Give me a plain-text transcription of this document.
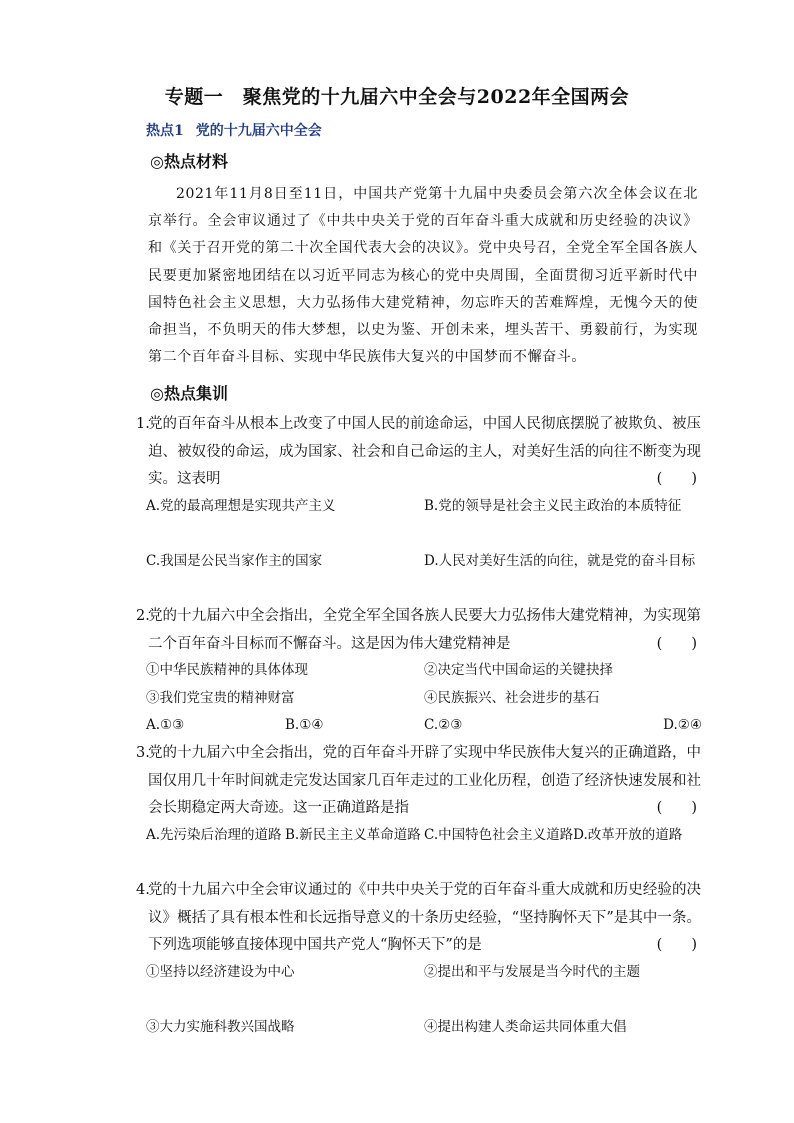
专题一　聚焦党的十九届六中全会与2022年全国两会
热点1 党的十九届六中全会
◎热点材料
2021年11月8日至11日，中国共产党第十九届中央委员会第六次全体会议在北京举行。全会审议通过了《中共中央关于党的百年奋斗重大成就和历史经验的决议》和《关于召开党的第二十次全国代表大会的决议》。党中央号召，全党全军全国各族人民要更加紧密地团结在以习近平同志为核心的党中央周围，全面贯彻习近平新时代中国特色社会主义思想，大力弘扬伟大建党精神，勿忘昨天的苦难辉煌，无愧今天的使命担当，不负明天的伟大梦想，以史为鉴、开创未来，埋头苦干、勇毅前行，为实现第二个百年奋斗目标、实现中华民族伟大复兴的中国梦而不懈奋斗。
◎热点集训
1.
党的百年奋斗从根本上改变了中国人民的前途命运，中国人民彻底摆脱了被欺负、被压迫、被奴役的命运，成为国家、社会和自己命运的主人，对美好生活的向往不断变为现实。这表明	(　　)
A.党的最高理想是实现共产主义	B.党的领导是社会主义民主政治的本质特征
C.我国是公民当家作主的国家	D.人民对美好生活的向往，就是党的奋斗目标
2.
党的十九届六中全会指出，全党全军全国各族人民要大力弘扬伟大建党精神，为实现第二个百年奋斗目标而不懈奋斗。这是因为伟大建党精神是	(　　)
①中华民族精神的具体体现	②决定当代中国命运的关键抉择
③我们党宝贵的精神财富	④民族振兴、社会进步的基石
A.①③	B.①④	C.②③	D.②④
3.
党的十九届六中全会指出，党的百年奋斗开辟了实现中华民族伟大复兴的正确道路，中国仅用几十年时间就走完发达国家几百年走过的工业化历程，创造了经济快速发展和社会长期稳定两大奇迹。这一正确道路是指	(　　)
A.先污染后治理的道路 B.新民主主义革命道路 C.中国特色社会主义道路 D.改革开放的道路
4.
党的十九届六中全会审议通过的《中共中央关于党的百年奋斗重大成就和历史经验的决议》概括了具有根本性和长远指导意义的十条历史经验，“坚持胸怀天下”是其中一条。下列选项能够直接体现中国共产党人“胸怀天下”的是	(　　)
①坚持以经济建设为中心	②提出和平与发展是当今时代的主题
③大力实施科教兴国战略	④提出构建人类命运共同体重大倡
